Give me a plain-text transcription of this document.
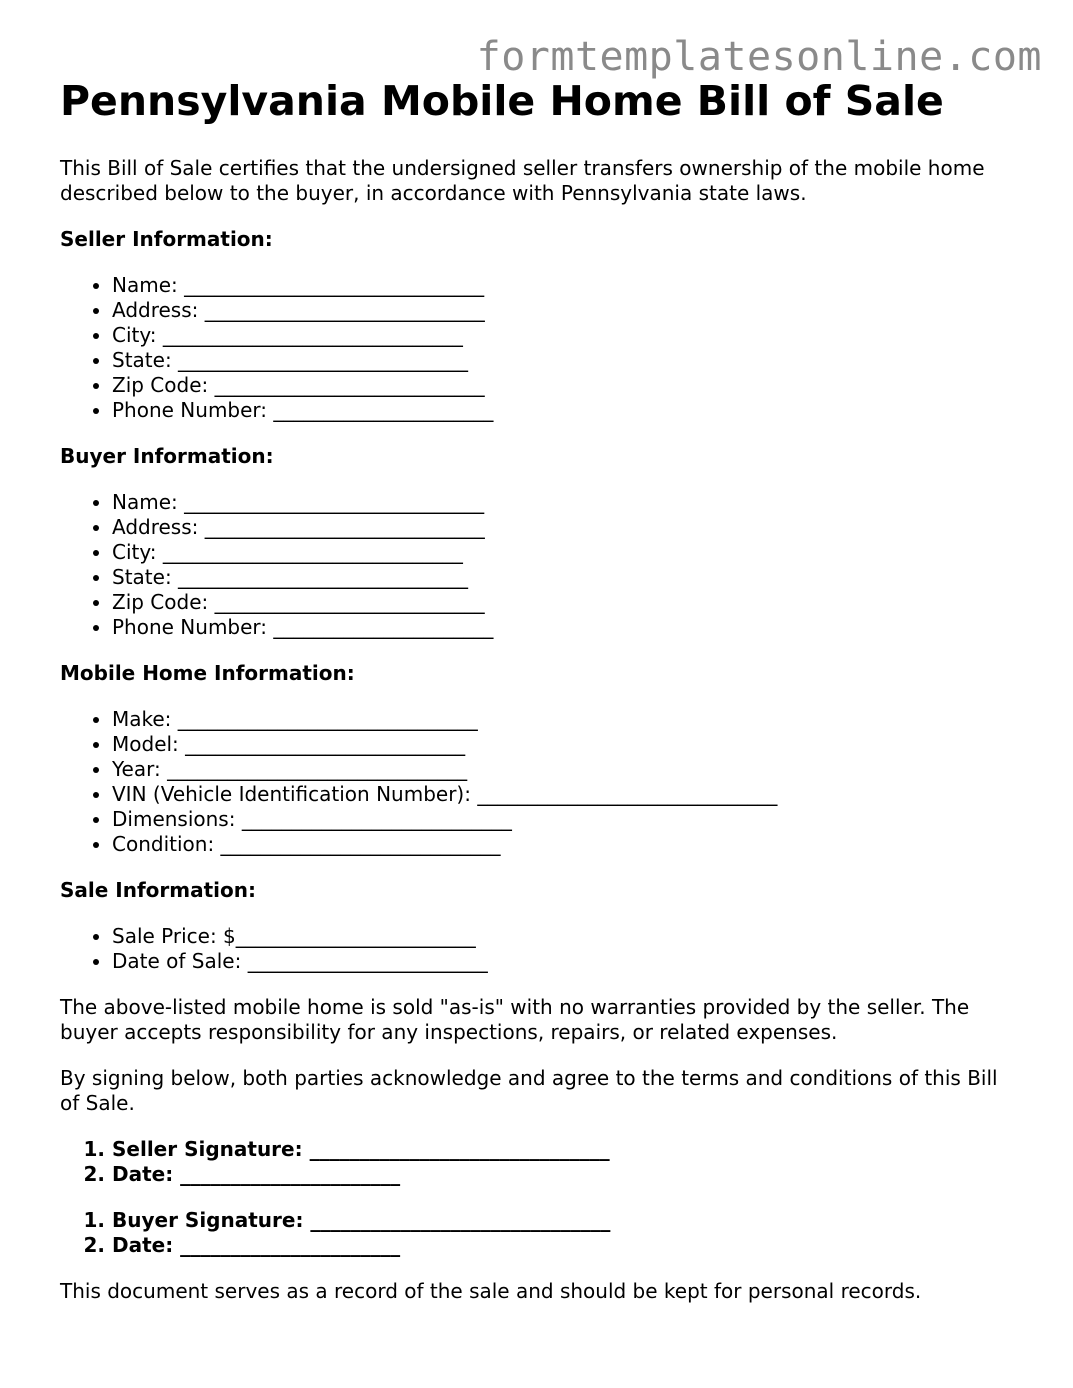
formtemplatesonline.com
Pennsylvania Mobile Home Bill of Sale

This Bill of Sale certifies that the undersigned seller transfers ownership of the mobile home described below to the buyer, in accordance with Pennsylvania state laws.

Seller Information:
• Name: ______________________________
• Address: ____________________________
• City: ______________________________
• State: _____________________________
• Zip Code: ___________________________
• Phone Number: ______________________
Buyer Information:
• Name: ______________________________
• Address: ____________________________
• City: ______________________________
• State: _____________________________
• Zip Code: ___________________________
• Phone Number: ______________________
Mobile Home Information:
• Make: ______________________________
• Model: ____________________________
• Year: ______________________________
• VIN (Vehicle Identification Number): ______________________________
• Dimensions: ___________________________
• Condition: ____________________________
Sale Information:
• Sale Price: $________________________
• Date of Sale: ________________________

The above-listed mobile home is sold "as-is" with no warranties provided by the seller. The buyer accepts responsibility for any inspections, repairs, or related expenses.

By signing below, both parties acknowledge and agree to the terms and conditions of this Bill of Sale.

1. Seller Signature: ______________________________
2. Date: ______________________
1. Buyer Signature: ______________________________
2. Date: ______________________

This document serves as a record of the sale and should be kept for personal records.
